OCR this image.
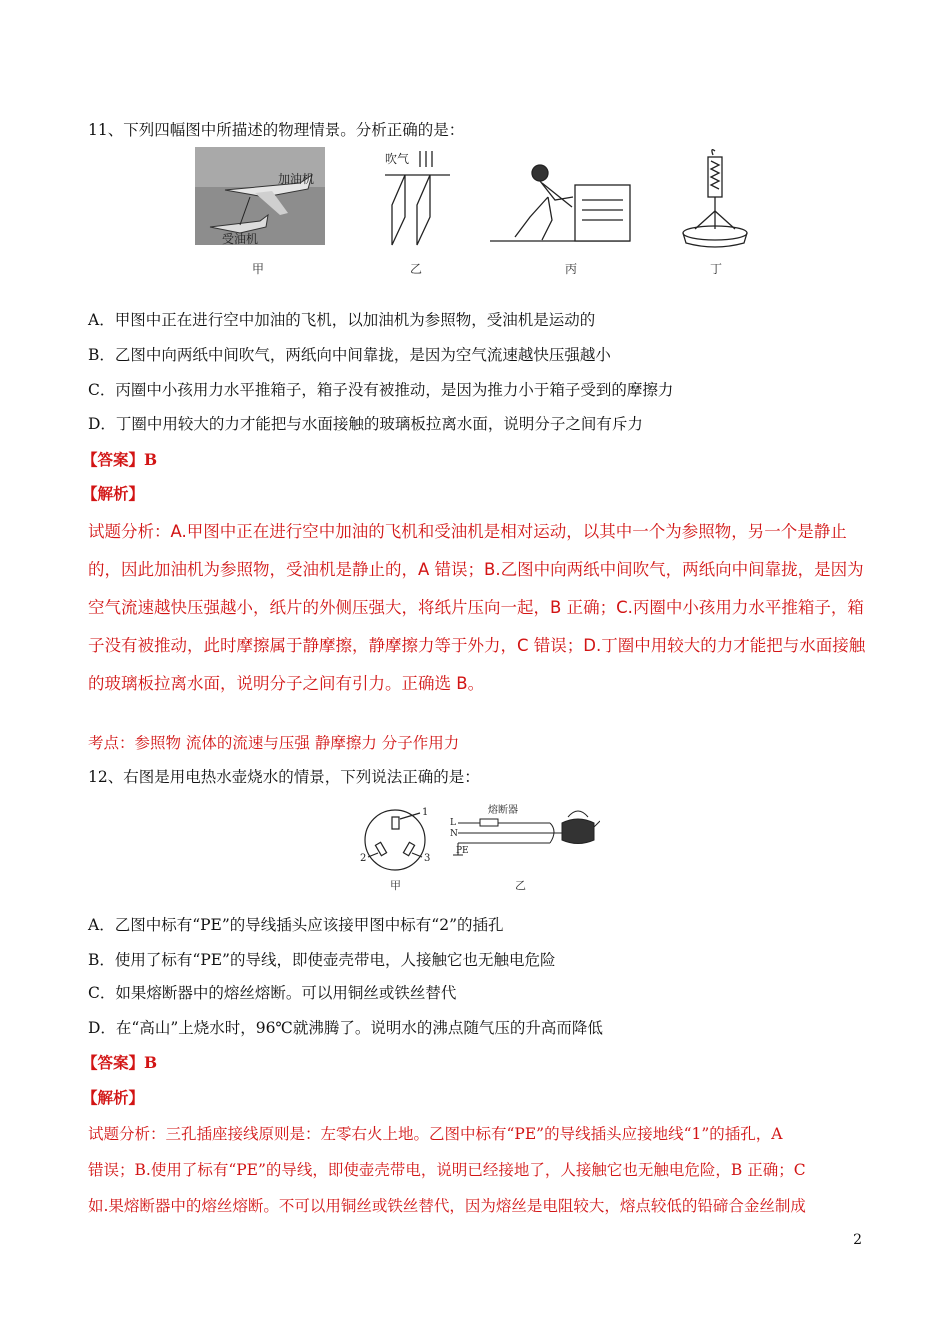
11、下列四幅图中所描述的物理情景。分析正确的是：
加油机
受油机
吹气
甲	乙	丙	丁
A．甲图中正在进行空中加油的飞机，以加油机为参照物，受油机是运动的
B．乙图中向两纸中间吹气，两纸向中间靠拢，是因为空气流速越快压强越小
C．丙圈中小孩用力水平推箱子，箱子没有被推动，是因为推力小于箱子受到的摩擦力
D．丁圈中用较大的力才能把与水面接触的玻璃板拉离水面，说明分子之间有斥力
【答案】B
【解析】
试题分析：A.甲图中正在进行空中加油的飞机和受油机是相对运动，以其中一个为参照物，另一个是静止
的，因此加油机为参照物，受油机是静止的，A 错误；B.乙图中向两纸中间吹气，两纸向中间靠拢，是因为
空气流速越快压强越小，纸片的外侧压强大，将纸片压向一起，B 正确；C.丙圈中小孩用力水平推箱子，箱
子没有被推动，此时摩擦属于静摩擦，静摩擦力等于外力，C 错误；D.丁圈中用较大的力才能把与水面接触
的玻璃板拉离水面，说明分子之间有引力。正确选 B。
考点：参照物 流体的流速与压强 静摩擦力 分子作用力
12、右图是用电热水壶烧水的情景，下列说法正确的是：
1
2	3
L
N
PE
熔断器
甲	乙
A．乙图中标有“PE”的导线插头应该接甲图中标有“2”的插孔
B．使用了标有“PE”的导线，即使壶壳带电，人接触它也无触电危险
C．如果熔断器中的熔丝熔断。可以用铜丝或铁丝替代
D．在“高山”上烧水时，96℃就沸腾了。说明水的沸点随气压的升高而降低
【答案】B
【解析】
试题分析：三孔插座接线原则是：左零右火上地。乙图中标有“PE”的导线插头应接地线“1”的插孔，A
错误；B.使用了标有“PE”的导线，即使壶壳带电，说明已经接地了，人接触它也无触电危险，B 正确；C
如.果熔断器中的熔丝熔断。不可以用铜丝或铁丝替代，因为熔丝是电阻较大，熔点较低的铅碲合金丝制成
2
